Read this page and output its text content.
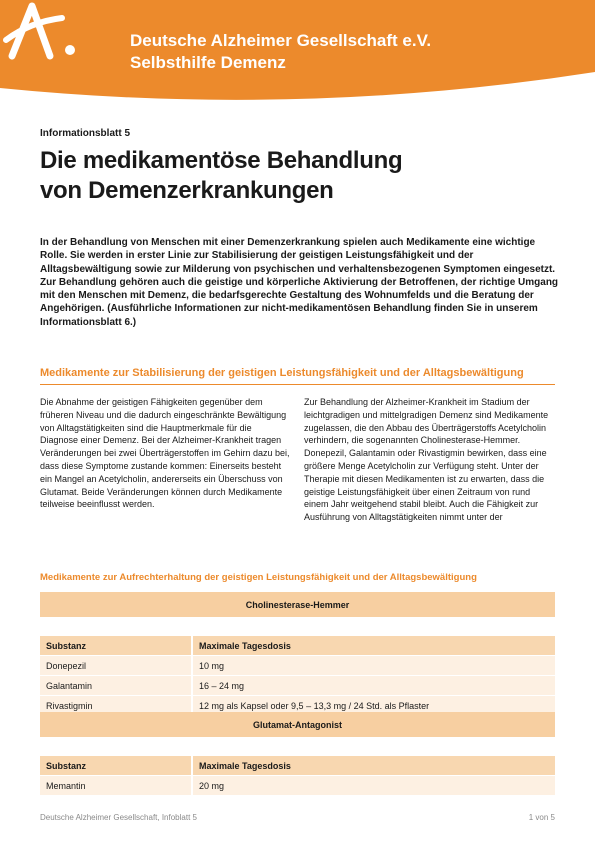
Deutsche Alzheimer Gesellschaft e.V.
Selbsthilfe Demenz
Informationsblatt 5
Die medikamentöse Behandlung
von Demenzerkrankungen
In der Behandlung von Menschen mit einer Demenzerkrankung spielen auch Medikamente eine wichtige Rolle. Sie werden in erster Linie zur Stabilisierung der geistigen Leistungsfähigkeit und der Alltagsbewältigung sowie zur Milderung von psychischen und verhaltensbezogenen Symptomen eingesetzt. Zur Behandlung gehören auch die geistige und körperliche Aktivierung der Betroffenen, der richtige Umgang mit den Menschen mit Demenz, die bedarfsgerechte Gestaltung des Wohnumfelds und die Beratung der Angehörigen. (Ausführliche Informationen zur nicht-medikamentösen Behandlung finden Sie in unserem Informationsblatt 6.)
Medikamente zur Stabilisierung der geistigen Leistungsfähigkeit und der Alltagsbewältigung
Die Abnahme der geistigen Fähigkeiten gegenüber dem früheren Niveau und die dadurch eingeschränkte Bewältigung von Alltagstätigkeiten sind die Hauptmerkmale für die Diagnose einer Demenz. Bei der Alzheimer-Krankheit tragen Veränderungen bei zwei Überträgerstoffen im Gehirn dazu bei, dass diese Symptome zustande kommen: Einerseits besteht ein Mangel an Acetylcholin, andererseits ein Überschuss von Glutamat. Beide Veränderungen können durch Medikamente teilweise beeinflusst werden.
Zur Behandlung der Alzheimer-Krankheit im Stadium der leichtgradigen und mittelgradigen Demenz sind Medikamente zugelassen, die den Abbau des Überträgerstoffs Acetylcholin verhindern, die sogenannten Cholinesterase-Hemmer. Donepezil, Galantamin oder Rivastigmin bewirken, dass eine größere Menge Acetylcholin zur Verfügung steht. Unter der Therapie mit diesen Medikamenten ist zu erwarten, dass die geistige Leistungsfähigkeit über einen Zeitraum von rund einem Jahr weitgehend stabil bleibt. Auch die Fähigkeit zur Ausführung von Alltagstätigkeiten nimmt unter der
Medikamente zur Aufrechterhaltung der geistigen Leistungsfähigkeit und der Alltagsbewältigung
Cholinesterase-Hemmer	

Substanz	Maximale Tagesdosis
Donepezil	10 mg
Galantamin	16 – 24 mg
Rivastigmin	12 mg als Kapsel oder 9,5 – 13,3 mg / 24 Std. als Pflaster
Glutamat-Antagonist	

Substanz	Maximale Tagesdosis
Memantin	20 mg
Deutsche Alzheimer Gesellschaft, Infoblatt 5	1 von 5
